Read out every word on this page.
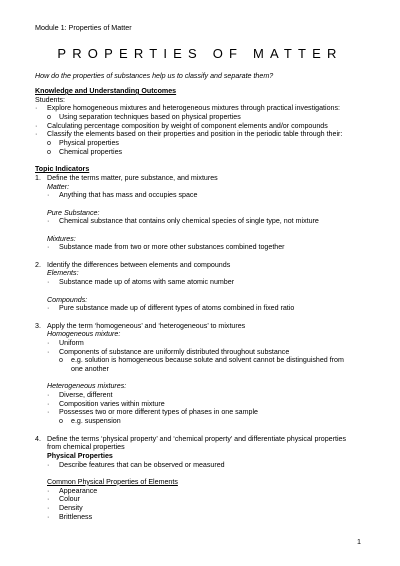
Module 1: Properties of Matter
PROPERTIES OF MATTER
How do the properties of substances help us to classify and separate them?
Knowledge and Understanding Outcomes
Students:
·	Explore homogeneous mixtures and heterogeneous mixtures through practical investigations:
o	Using separation techniques based on physical properties
·	Calculating percentage composition by weight of component elements and/or compounds
·	Classify the elements based on their properties and position in the periodic table through their:
o	Physical properties
o	Chemical properties
Topic Indicators
1. Define the terms matter, pure substance, and mixtures
Matter:
·	Anything that has mass and occupies space
Pure Substance:
·	Chemical substance that contains only chemical species of single type, not mixture
Mixtures:
·	Substance made from two or more other substances combined together
2. Identify the differences between elements and compounds
Elements:
·	Substance made up of atoms with same atomic number
Compounds:
·	Pure substance made up of different types of atoms combined in fixed ratio
3. Apply the term ‘homogeneous’ and ‘heterogeneous’ to mixtures
Homogeneous mixture:
·	Uniform
·	Components of substance are uniformly distributed throughout substance
o	e.g. solution is homogeneous because solute and solvent cannot be distinguished from
one another
Heterogeneous mixtures:
·	Diverse, different
·	Composition varies within mixture
·	Possesses two or more different types of phases in one sample
o	e.g. suspension
4. Define the terms ‘physical property’ and ‘chemical property’ and differentiate physical properties
from chemical properties
Physical Properties
·	Describe features that can be observed or measured
Common Physical Properties of Elements
·	Appearance
·	Colour
·	Density
·	Brittleness
1
